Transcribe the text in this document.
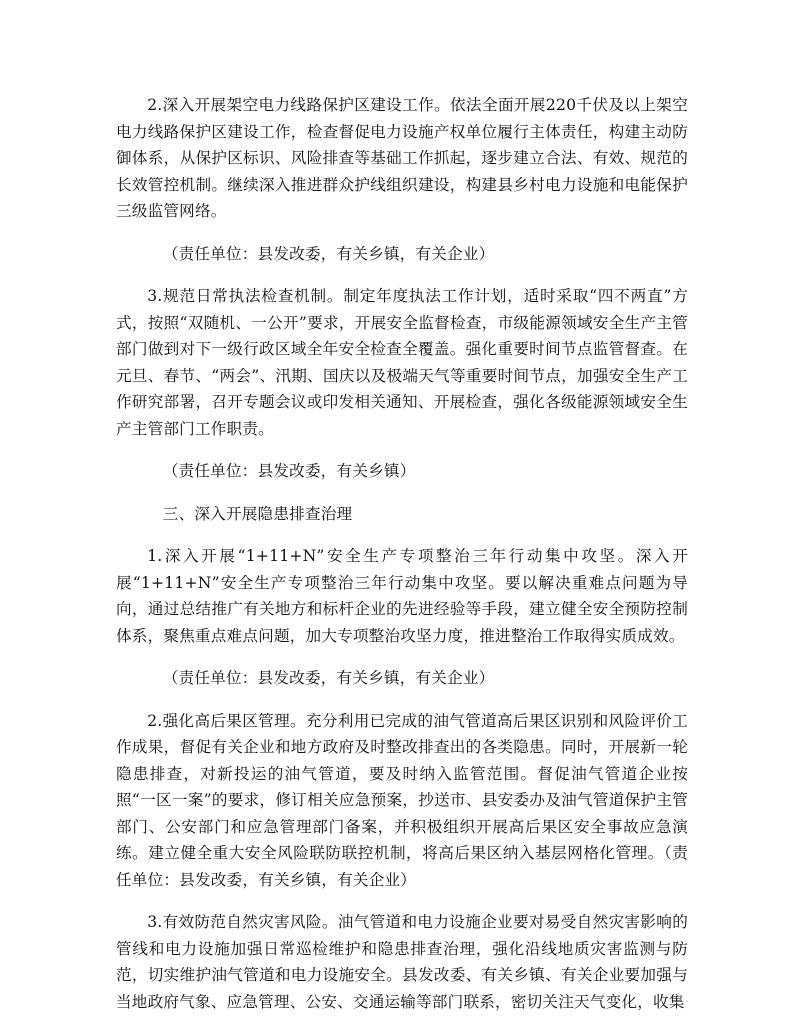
2.深入开展架空电力线路保护区建设工作。依法全面开展220千伏及以上架空电力线路保护区建设工作，检查督促电力设施产权单位履行主体责任，构建主动防御体系，从保护区标识、风险排查等基础工作抓起，逐步建立合法、有效、规范的长效管控机制。继续深入推进群众护线组织建设，构建县乡村电力设施和电能保护三级监管网络。

（责任单位：县发改委，有关乡镇，有关企业）

3.规范日常执法检查机制。制定年度执法工作计划，适时采取“四不两直”方式，按照“双随机、一公开”要求，开展安全监督检查，市级能源领域安全生产主管部门做到对下一级行政区域全年安全检查全覆盖。强化重要时间节点监管督查。在元旦、春节、“两会”、汛期、国庆以及极端天气等重要时间节点，加强安全生产工作研究部署，召开专题会议或印发相关通知、开展检查，强化各级能源领域安全生产主管部门工作职责。

（责任单位：县发改委，有关乡镇）

三、深入开展隐患排查治理

1.深入开展“1+11+N”安全生产专项整治三年行动集中攻坚。深入开展“1+11+N”安全生产专项整治三年行动集中攻坚。要以解决重难点问题为导向，通过总结推广有关地方和标杆企业的先进经验等手段，建立健全安全预防控制体系，聚焦重点难点问题，加大专项整治攻坚力度，推进整治工作取得实质成效。

（责任单位：县发改委，有关乡镇，有关企业）

2.强化高后果区管理。充分利用已完成的油气管道高后果区识别和风险评价工作成果，督促有关企业和地方政府及时整改排查出的各类隐患。同时，开展新一轮隐患排查，对新投运的油气管道，要及时纳入监管范围。督促油气管道企业按照“一区一案”的要求，修订相关应急预案，抄送市、县安委办及油气管道保护主管部门、公安部门和应急管理部门备案，并积极组织开展高后果区安全事故应急演练。建立健全重大安全风险联防联控机制，将高后果区纳入基层网格化管理。（责任单位：县发改委，有关乡镇，有关企业）

3.有效防范自然灾害风险。油气管道和电力设施企业要对易受自然灾害影响的管线和电力设施加强日常巡检维护和隐患排查治理，强化沿线地质灾害监测与防范，切实维护油气管道和电力设施安全。县发改委、有关乡镇、有关企业要加强与当地政府气象、应急管理、公安、交通运输等部门联系，密切关注天气变化，收集
